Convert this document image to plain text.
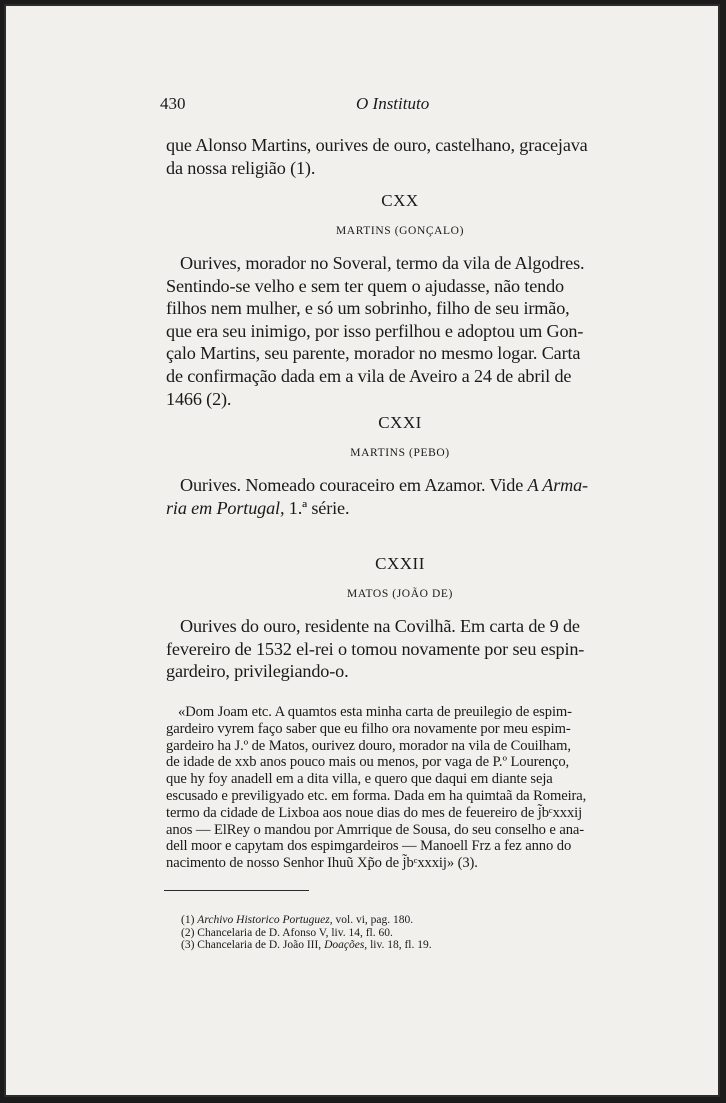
430	O Instituto

que Alonso Martins, ourives de ouro, castelhano, gracejava

da nossa religião (1).

CXX

MARTINS (GONÇALO)

Ourives, morador no Soveral, termo da vila de Algodres.

Sentindo-se velho e sem ter quem o ajudasse, não tendo

filhos nem mulher, e só um sobrinho, filho de seu irmão,

que era seu inimigo, por isso perfilhou e adoptou um Gon-

çalo Martins, seu parente, morador no mesmo logar. Carta

de confirmação dada em a vila de Aveiro a 24 de abril de

1466 (2).

CXXI

MARTINS (PEBO)

Ourives. Nomeado couraceiro em Azamor. Vide A Arma-

ria em Portugal, 1.ª série.

CXXII

MATOS (JOÃO DE)

Ourives do ouro, residente na Covilhã. Em carta de 9 de

fevereiro de 1532 el-rei o tomou novamente por seu espin-

gardeiro, privilegiando-o.

«Dom Joam etc. A quamtos esta minha carta de preuilegio de espim-

gardeiro vyrem faço saber que eu filho ora novamente por meu espim-

gardeiro ha J.º de Matos, ourivez douro, morador na vila de Couilham,

de idade de xxb anos pouco mais ou menos, por vaga de P.º Lourenço,

que hy foy anadell em a dita villa, e quero que daqui em diante seja

escusado e previligyado etc. em forma. Dada em ha quimtaã da Romeira,

termo da cidade de Lixboa aos noue dias do mes de feuereiro de j̃bᶜxxxij

anos — ElRey o mandou por Amrrique de Sousa, do seu conselho e ana-

dell moor e capytam dos espimgardeiros — Manoell Frz a fez anno do

nacimento de nosso Senhor Ihuũ Xp̃o de j̃bᶜxxxij» (3).

(1) Archivo Historico Portuguez, vol. vi, pag. 180.

(2) Chancelaria de D. Afonso V, liv. 14, fl. 60.

(3) Chancelaria de D. João III, Doações, liv. 18, fl. 19.
